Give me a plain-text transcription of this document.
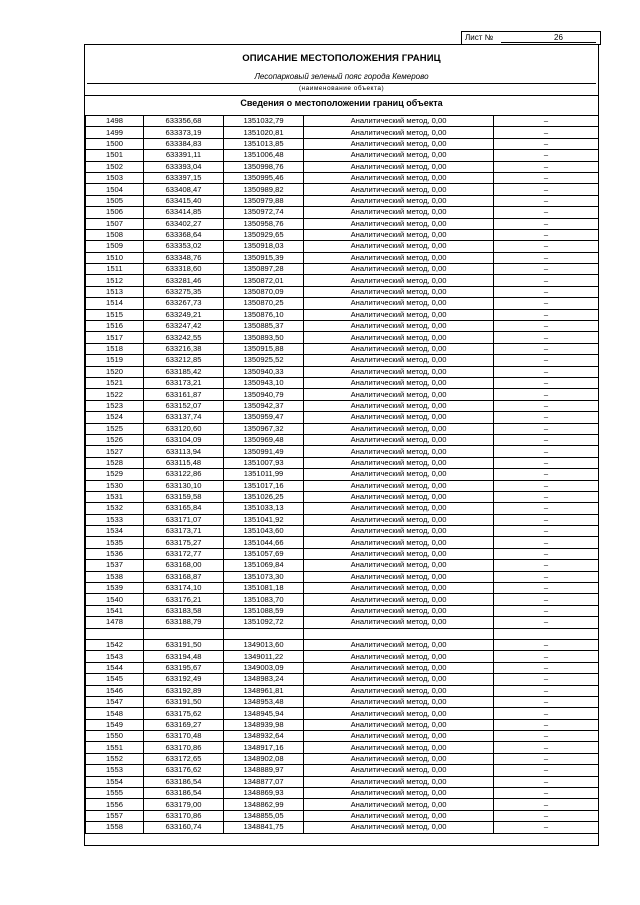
Лист №	26
ОПИСАНИЕ МЕСТОПОЛОЖЕНИЯ ГРАНИЦ
Лесопарковый зеленый пояс города Кемерово
(наименование объекта)
Сведения о местоположении границ объекта
1498	633356,68	1351032,79	Аналитический метод, 0,00	–
1499	633373,19	1351020,81	Аналитический метод, 0,00	–
1500	633384,83	1351013,85	Аналитический метод, 0,00	–
1501	633391,11	1351006,48	Аналитический метод, 0,00	–
1502	633393,04	1350998,76	Аналитический метод, 0,00	–
1503	633397,15	1350995,46	Аналитический метод, 0,00	–
1504	633408,47	1350989,82	Аналитический метод, 0,00	–
1505	633415,40	1350979,88	Аналитический метод, 0,00	–
1506	633414,85	1350972,74	Аналитический метод, 0,00	–
1507	633402,27	1350958,76	Аналитический метод, 0,00	–
1508	633368,64	1350929,65	Аналитический метод, 0,00	–
1509	633353,02	1350918,03	Аналитический метод, 0,00	–
1510	633348,76	1350915,39	Аналитический метод, 0,00	–
1511	633318,60	1350897,28	Аналитический метод, 0,00	–
1512	633281,46	1350872,01	Аналитический метод, 0,00	–
1513	633275,35	1350870,09	Аналитический метод, 0,00	–
1514	633267,73	1350870,25	Аналитический метод, 0,00	–
1515	633249,21	1350876,10	Аналитический метод, 0,00	–
1516	633247,42	1350885,37	Аналитический метод, 0,00	–
1517	633242,55	1350893,50	Аналитический метод, 0,00	–
1518	633216,38	1350915,88	Аналитический метод, 0,00	–
1519	633212,85	1350925,52	Аналитический метод, 0,00	–
1520	633185,42	1350940,33	Аналитический метод, 0,00	–
1521	633173,21	1350943,10	Аналитический метод, 0,00	–
1522	633161,87	1350940,79	Аналитический метод, 0,00	–
1523	633152,07	1350942,37	Аналитический метод, 0,00	–
1524	633137,74	1350959,47	Аналитический метод, 0,00	–
1525	633120,60	1350967,32	Аналитический метод, 0,00	–
1526	633104,09	1350969,48	Аналитический метод, 0,00	–
1527	633113,94	1350991,49	Аналитический метод, 0,00	–
1528	633115,48	1351007,93	Аналитический метод, 0,00	–
1529	633122,86	1351011,99	Аналитический метод, 0,00	–
1530	633130,10	1351017,16	Аналитический метод, 0,00	–
1531	633159,58	1351026,25	Аналитический метод, 0,00	–
1532	633165,84	1351033,13	Аналитический метод, 0,00	–
1533	633171,07	1351041,92	Аналитический метод, 0,00	–
1534	633173,71	1351043,60	Аналитический метод, 0,00	–
1535	633175,27	1351044,66	Аналитический метод, 0,00	–
1536	633172,77	1351057,69	Аналитический метод, 0,00	–
1537	633168,00	1351069,84	Аналитический метод, 0,00	–
1538	633168,87	1351073,30	Аналитический метод, 0,00	–
1539	633174,10	1351081,18	Аналитический метод, 0,00	–
1540	633176,21	1351083,70	Аналитический метод, 0,00	–
1541	633183,58	1351088,59	Аналитический метод, 0,00	–
1478	633188,79	1351092,72	Аналитический метод, 0,00	–

1542	633191,50	1349013,60	Аналитический метод, 0,00	–
1543	633194,48	1349011,22	Аналитический метод, 0,00	–
1544	633195,67	1349003,09	Аналитический метод, 0,00	–
1545	633192,49	1348983,24	Аналитический метод, 0,00	–
1546	633192,89	1348961,81	Аналитический метод, 0,00	–
1547	633191,50	1348953,48	Аналитический метод, 0,00	–
1548	633175,62	1348945,94	Аналитический метод, 0,00	–
1549	633169,27	1348939,98	Аналитический метод, 0,00	–
1550	633170,48	1348932,64	Аналитический метод, 0,00	–
1551	633170,86	1348917,16	Аналитический метод, 0,00	–
1552	633172,65	1348902,08	Аналитический метод, 0,00	–
1553	633176,62	1348889,97	Аналитический метод, 0,00	–
1554	633186,54	1348877,07	Аналитический метод, 0,00	–
1555	633186,54	1348869,93	Аналитический метод, 0,00	–
1556	633179,00	1348862,99	Аналитический метод, 0,00	–
1557	633170,86	1348855,05	Аналитический метод, 0,00	–
1558	633160,74	1348841,75	Аналитический метод, 0,00	–
